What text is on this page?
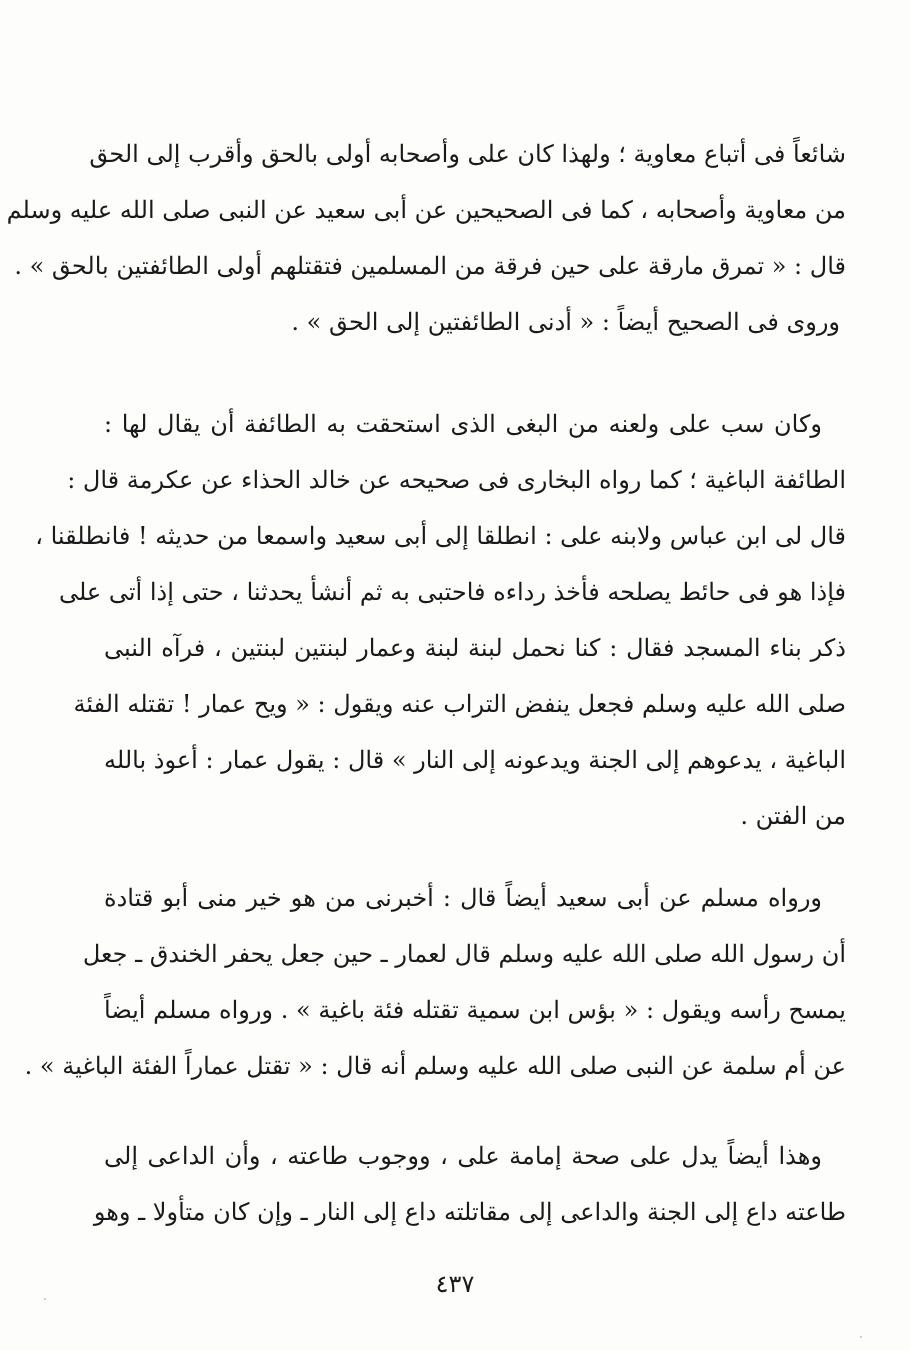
شائعاً فى أتباع معاوية ؛ ولهذا كان على وأصحابه أولى بالحق وأقرب إلى الحق
من معاوية وأصحابه ، كما فى الصحيحين عن أبى سعيد عن النبى صلى الله عليه وسلم
قال : « تمرق مارقة على حين فرقة من المسلمين فتقتلهم أولى الطائفتين بالحق » .
وروى فى الصحيح أيضاً : « أدنى الطائفتين إلى الحق » .
وكان سب على ولعنه من البغى الذى استحقت به الطائفة أن يقال لها :
الطائفة الباغية ؛ كما رواه البخارى فى صحيحه عن خالد الحذاء عن عكرمة قال :
قال لى ابن عباس ولابنه على : انطلقا إلى أبى سعيد واسمعا من حديثه ! فانطلقنا ،
فإذا هو فى حائط يصلحه فأخذ رداءه فاحتبى به ثم أنشأ يحدثنا ، حتى إذا أتى على
ذكر بناء المسجد فقال : كنا نحمل لبنة لبنة وعمار لبنتين لبنتين ، فرآه النبى
صلى الله عليه وسلم فجعل ينفض التراب عنه ويقول : « ويح عمار ! تقتله الفئة
الباغية ، يدعوهم إلى الجنة ويدعونه إلى النار » قال : يقول عمار : أعوذ بالله
من الفتن .
ورواه مسلم عن أبى سعيد أيضاً قال : أخبرنى من هو خير منى أبو قتادة
أن رسول الله صلى الله عليه وسلم قال لعمار ـ حين جعل يحفر الخندق ـ جعل
يمسح رأسه ويقول : « بؤس ابن سمية تقتله فئة باغية » . ورواه مسلم أيضاً
عن أم سلمة عن النبى صلى الله عليه وسلم أنه قال : « تقتل عماراً الفئة الباغية » .
وهذا أيضاً يدل على صحة إمامة على ، ووجوب طاعته ، وأن الداعى إلى
طاعته داع إلى الجنة والداعى إلى مقاتلته داع إلى النار ـ وإن كان متأولا ـ وهو
٤٣٧
